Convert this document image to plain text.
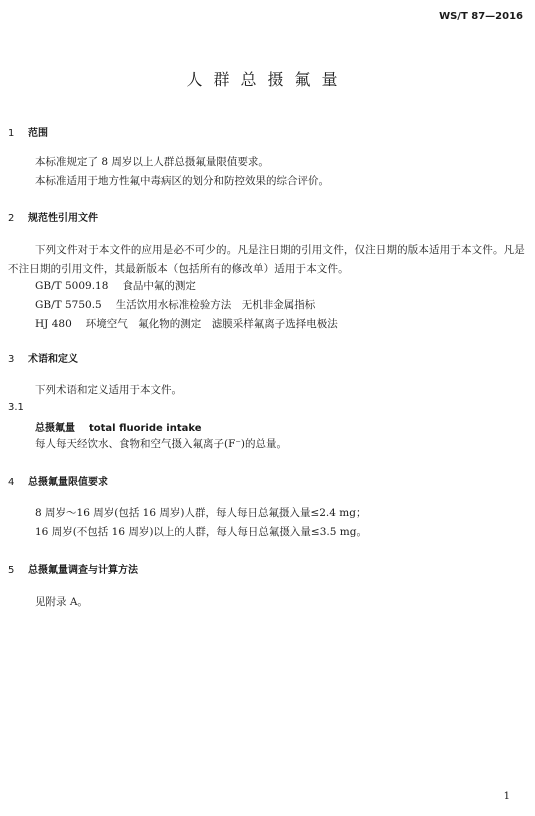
WS/T 87—2016
人群总摄氟量
1 范围
本标准规定了 8 周岁以上人群总摄氟量限值要求。
本标准适用于地方性氟中毒病区的划分和防控效果的综合评价。
2 规范性引用文件
下列文件对于本文件的应用是必不可少的。凡是注日期的引用文件，仅注日期的版本适用于本文件。凡是不注日期的引用文件，其最新版本（包括所有的修改单）适用于本文件。
GB/T 5009.18 食品中氟的测定
GB/T 5750.5 生活饮用水标准检验方法　无机非金属指标
HJ 480 环境空气　氟化物的测定　滤膜采样氟离子选择电极法
3 术语和定义
下列术语和定义适用于本文件。
3.1
总摄氟量 total fluoride intake
每人每天经饮水、食物和空气摄入氟离子(F⁻)的总量。
4 总摄氟量限值要求
8 周岁～16 周岁(包括 16 周岁)人群，每人每日总氟摄入量≤2.4 mg；
16 周岁(不包括 16 周岁)以上的人群，每人每日总氟摄入量≤3.5 mg。
5 总摄氟量调查与计算方法
见附录 A。
1
